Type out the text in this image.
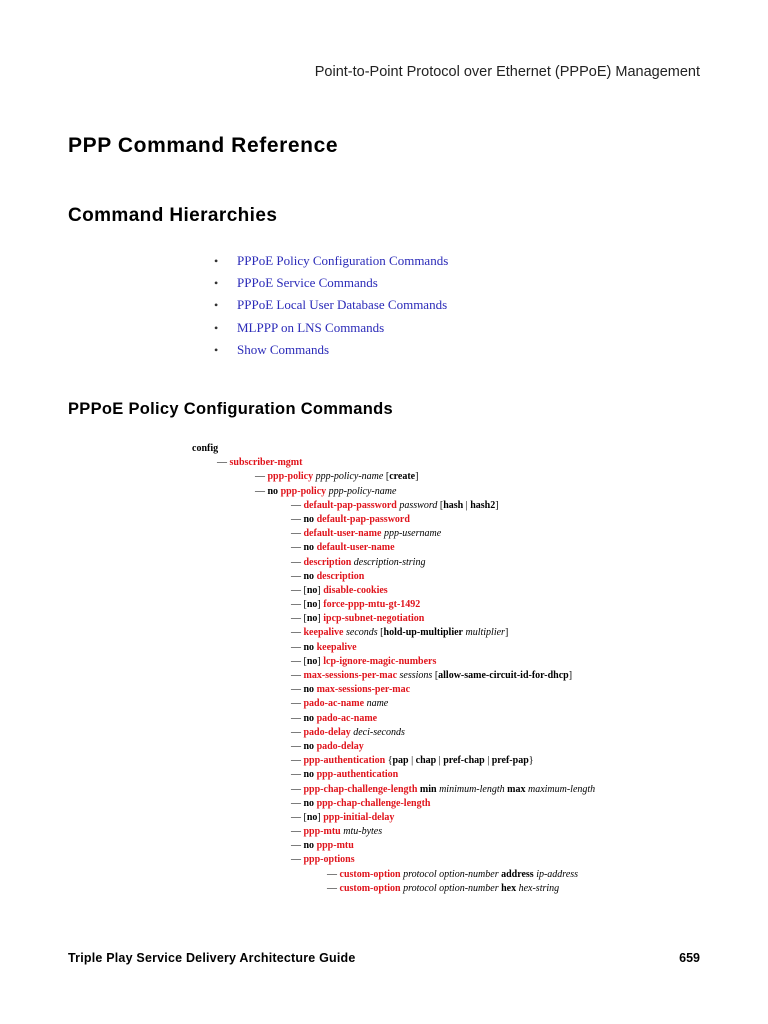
Point-to-Point Protocol over Ethernet (PPPoE) Management
PPP Command Reference
Command Hierarchies
• PPPoE Policy Configuration Commands
• PPPoE Service Commands
• PPPoE Local User Database Commands
• MLPPP on LNS Commands
• Show Commands
PPPoE Policy Configuration Commands
config
— subscriber-mgmt
— ppp-policy ppp-policy-name [create]
— no ppp-policy ppp-policy-name
— default-pap-password password [hash | hash2]
— no default-pap-password
— default-user-name ppp-username
— no default-user-name
— description description-string
— no description
— [no] disable-cookies
— [no] force-ppp-mtu-gt-1492
— [no] ipcp-subnet-negotiation
— keepalive seconds [hold-up-multiplier multiplier]
— no keepalive
— [no] lcp-ignore-magic-numbers
— max-sessions-per-mac sessions [allow-same-circuit-id-for-dhcp]
— no max-sessions-per-mac
— pado-ac-name name
— no pado-ac-name
— pado-delay deci-seconds
— no pado-delay
— ppp-authentication {pap | chap | pref-chap | pref-pap}
— no ppp-authentication
— ppp-chap-challenge-length min minimum-length max maximum-length
— no ppp-chap-challenge-length
— [no] ppp-initial-delay
— ppp-mtu mtu-bytes
— no ppp-mtu
— ppp-options
— custom-option protocol option-number address ip-address
— custom-option protocol option-number hex hex-string
Triple Play Service Delivery Architecture Guide	659
